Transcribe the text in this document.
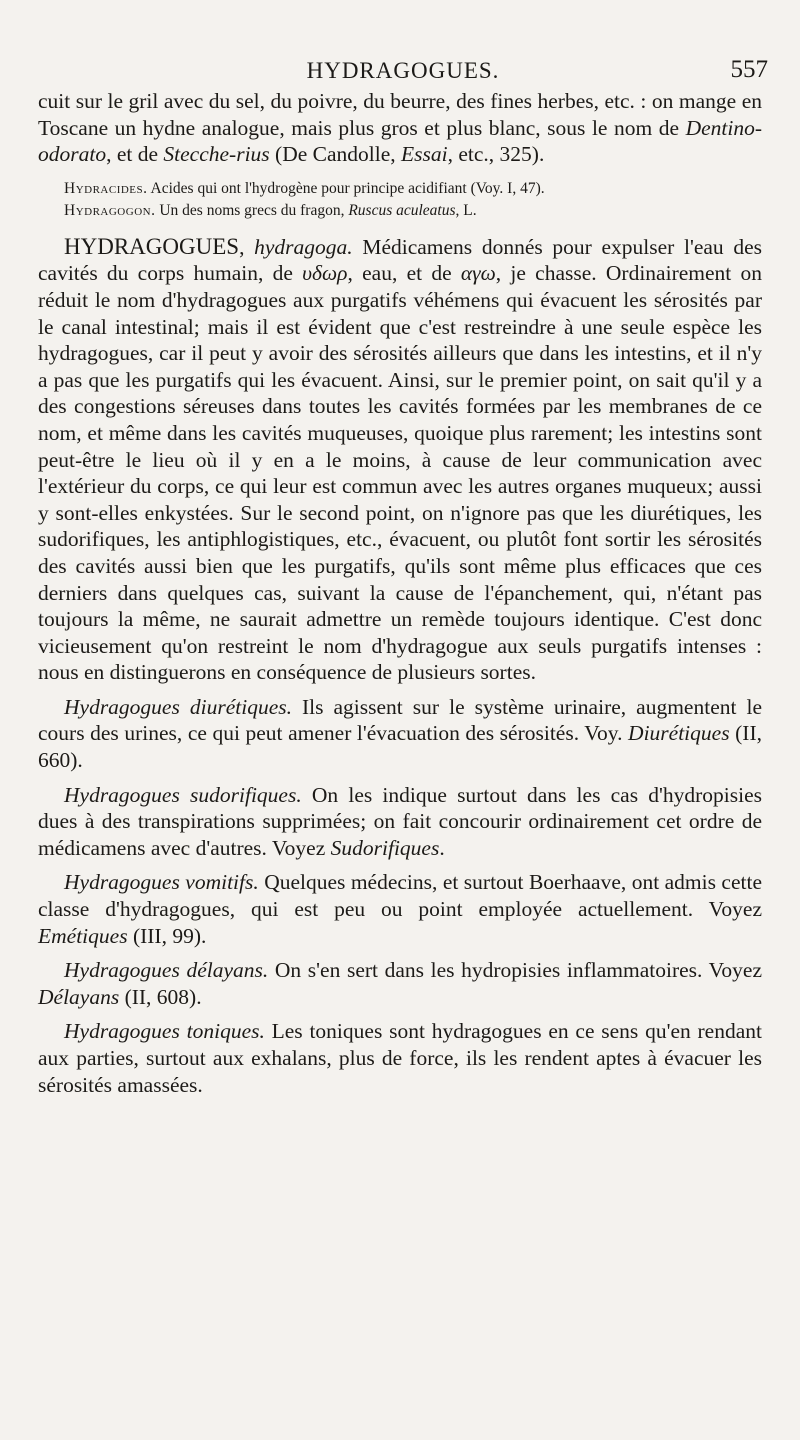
HYDRAGOGUES.	557

cuit sur le gril avec du sel, du poivre, du beurre, des fines herbes, etc. : on mange en Toscane un hydne analogue, mais plus gros et plus blanc, sous le nom de Dentino-odorato, et de Stecche-rius (De Candolle, Essai, etc., 325).

Hydracides. Acides qui ont l'hydrogène pour principe acidifiant (Voy. I, 47).

Hydragogon. Un des noms grecs du fragon, Ruscus aculeatus, L.

HYDRAGOGUES, hydragoga. Médicamens donnés pour expulser l'eau des cavités du corps humain, de υδωρ, eau, et de αγω, je chasse. Ordinairement on réduit le nom d'hydragogues aux purgatifs véhémens qui évacuent les sérosités par le canal intestinal; mais il est évident que c'est restreindre à une seule espèce les hydragogues, car il peut y avoir des sérosités ailleurs que dans les intestins, et il n'y a pas que les purgatifs qui les évacuent. Ainsi, sur le premier point, on sait qu'il y a des congestions séreuses dans toutes les cavités formées par les membranes de ce nom, et même dans les cavités muqueuses, quoique plus rarement; les intestins sont peut-être le lieu où il y en a le moins, à cause de leur communication avec l'extérieur du corps, ce qui leur est commun avec les autres organes muqueux; aussi y sont-elles enkystées. Sur le second point, on n'ignore pas que les diurétiques, les sudorifiques, les antiphlogistiques, etc., évacuent, ou plutôt font sortir les sérosités des cavités aussi bien que les purgatifs, qu'ils sont même plus efficaces que ces derniers dans quelques cas, suivant la cause de l'épanchement, qui, n'étant pas toujours la même, ne saurait admettre un remède toujours identique. C'est donc vicieusement qu'on restreint le nom d'hydragogue aux seuls purgatifs intenses : nous en distinguerons en conséquence de plusieurs sortes.

Hydragogues diurétiques. Ils agissent sur le système urinaire, augmentent le cours des urines, ce qui peut amener l'évacuation des sérosités. Voy. Diurétiques (II, 660).

Hydragogues sudorifiques. On les indique surtout dans les cas d'hydropisies dues à des transpirations supprimées; on fait concourir ordinairement cet ordre de médicamens avec d'autres. Voyez Sudorifiques.

Hydragogues vomitifs. Quelques médecins, et surtout Boerhaave, ont admis cette classe d'hydragogues, qui est peu ou point employée actuellement. Voyez Emétiques (III, 99).

Hydragogues délayans. On s'en sert dans les hydropisies inflammatoires. Voyez Délayans (II, 608).

Hydragogues toniques. Les toniques sont hydragogues en ce sens qu'en rendant aux parties, surtout aux exhalans, plus de force, ils les rendent aptes à évacuer les sérosités amassées.
